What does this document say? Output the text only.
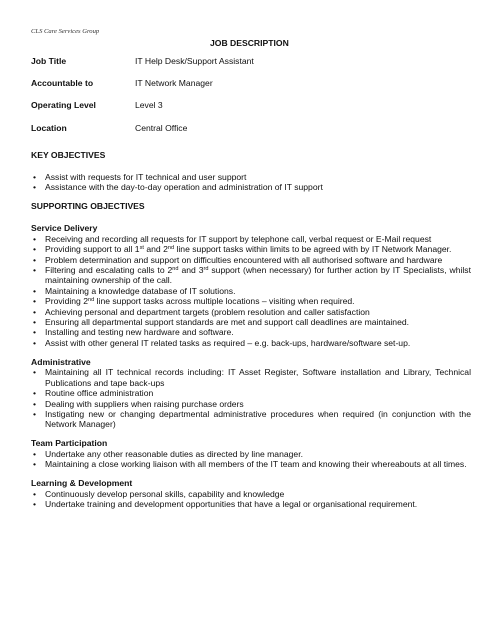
CLS Care Services Group
JOB DESCRIPTION
Job Title	IT Help Desk/Support Assistant
Accountable to	IT Network Manager
Operating Level	Level 3
Location	Central Office
KEY OBJECTIVES
• Assist with requests for IT technical and user support
• Assistance with the day-to-day operation and administration of IT support
SUPPORTING OBJECTIVES
Service Delivery
• Receiving and recording all requests for IT support by telephone call, verbal request or E-Mail request
• Providing support to all 1st and 2nd line support tasks within limits to be agreed with by IT Network Manager.
• Problem determination and support on difficulties encountered with all authorised software and hardware
• Filtering and escalating calls to 2nd and 3rd support (when necessary) for further action by IT Specialists, whilst maintaining ownership of the call.
• Maintaining a knowledge database of IT solutions.
• Providing 2nd line support tasks across multiple locations – visiting when required.
• Achieving personal and department targets (problem resolution and caller satisfaction
• Ensuring all departmental support standards are met and support call deadlines are maintained.
• Installing and testing new hardware and software.
• Assist with other general IT related tasks as required – e.g. back-ups, hardware/software set-up.
Administrative
• Maintaining all IT technical records including: IT Asset Register, Software installation and Library, Technical Publications and tape back-ups
• Routine office administration
• Dealing with suppliers when raising purchase orders
• Instigating new or changing departmental administrative procedures when required (in conjunction with the Network Manager)
Team Participation
• Undertake any other reasonable duties as directed by line manager.
• Maintaining a close working liaison with all members of the IT team and knowing their whereabouts at all times.
Learning & Development
• Continuously develop personal skills, capability and knowledge
• Undertake training and development opportunities that have a legal or organisational requirement.
